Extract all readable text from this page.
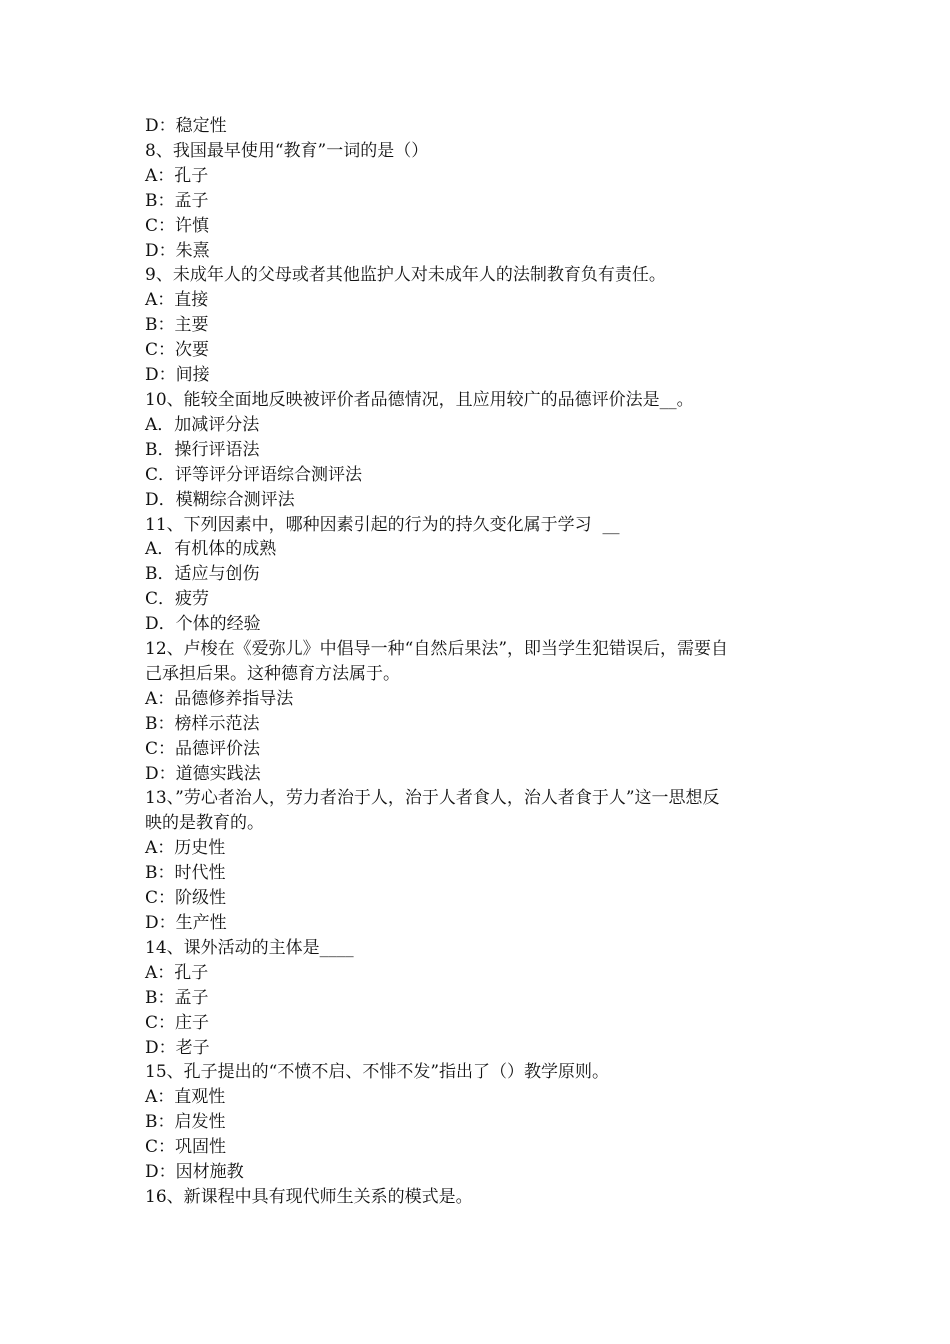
D：稳定性
8、我国最早使用“教育”一词的是（）
A：孔子
B：孟子
C：许慎
D：朱熹
9、未成年人的父母或者其他监护人对未成年人的法制教育负有责任。
A：直接
B：主要
C：次要
D：间接
10、能较全面地反映被评价者品德情况，且应用较广的品德评价法是__。
A．加减评分法
B．操行评语法
C．评等评分评语综合测评法
D．模糊综合测评法
11、下列因素中，哪种因素引起的行为的持久变化属于学习  __
A．有机体的成熟
B．适应与创伤
C．疲劳
D．个体的经验
12、卢梭在《爱弥儿》中倡导一种“自然后果法”，即当学生犯错误后，需要自
己承担后果。这种德育方法属于。
A：品德修养指导法
B：榜样示范法
C：品德评价法
D：道德实践法
13、”劳心者治人，劳力者治于人，治于人者食人，治人者食于人”这一思想反
映的是教育的。
A：历史性
B：时代性
C：阶级性
D：生产性
14、课外活动的主体是____
A：孔子
B：孟子
C：庄子
D：老子
15、孔子提出的“不愤不启、不悱不发”指出了（）教学原则。
A：直观性
B：启发性
C：巩固性
D：因材施教
16、新课程中具有现代师生关系的模式是。
